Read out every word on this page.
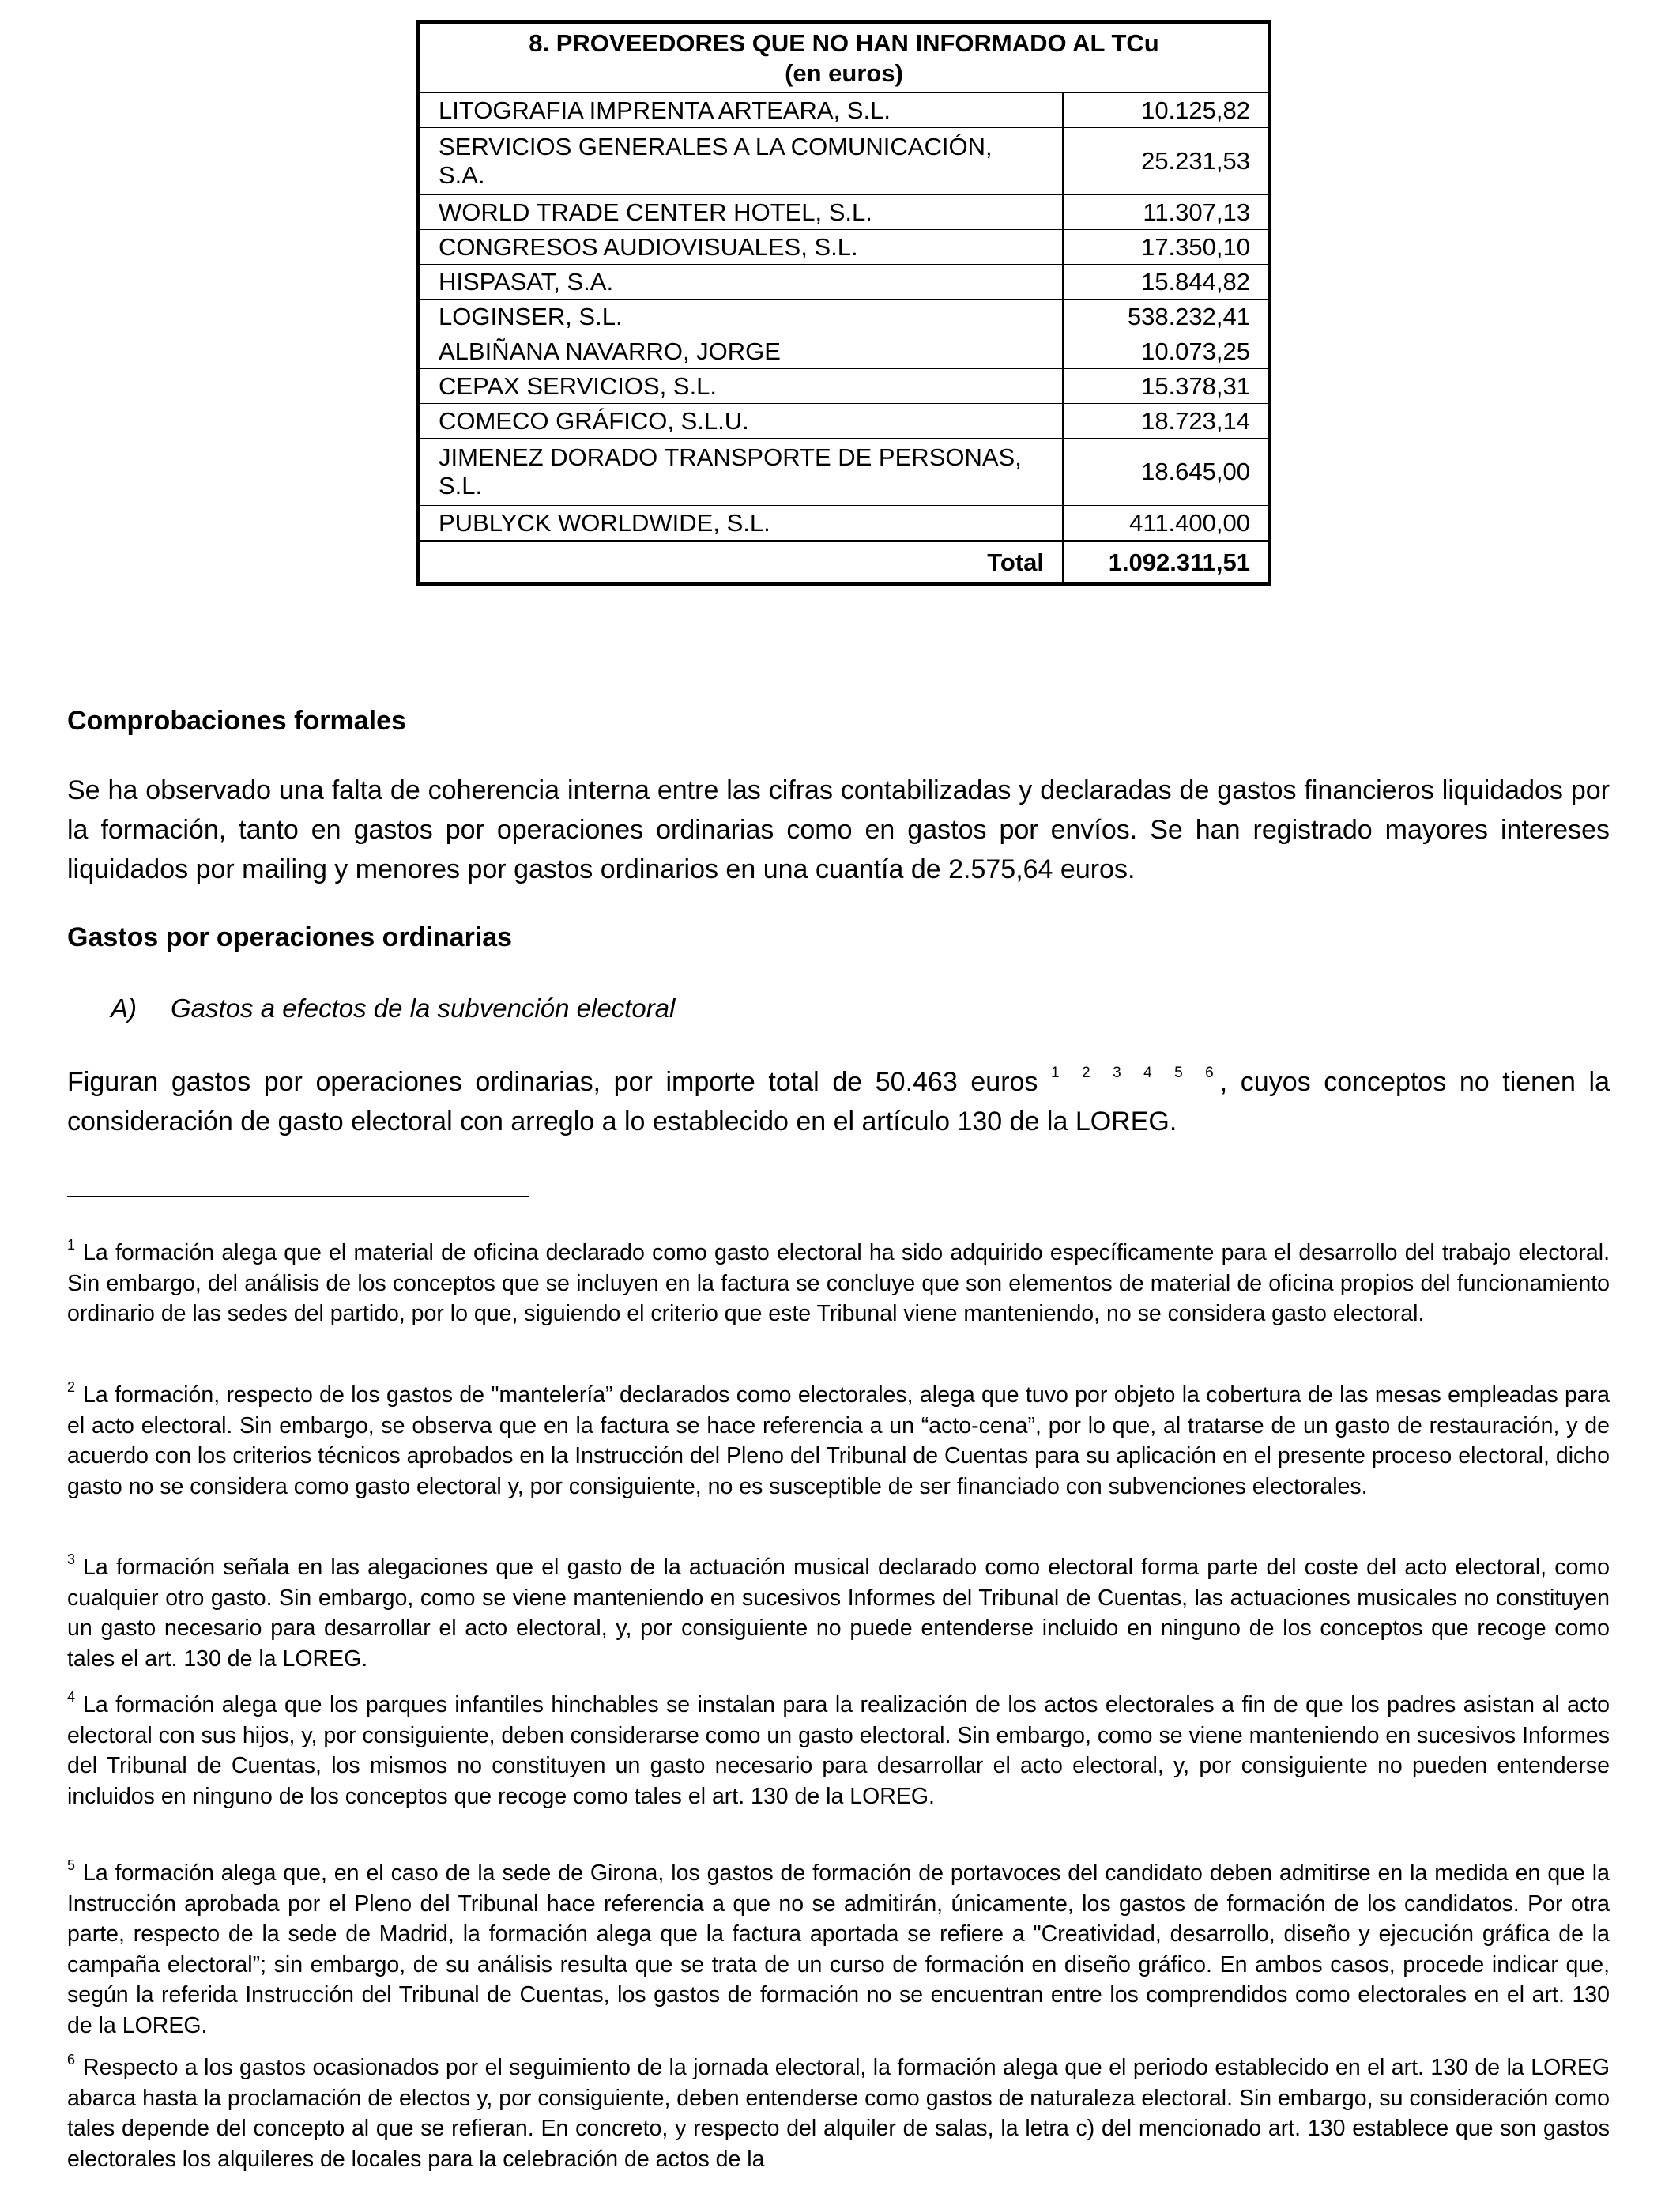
8. PROVEEDORES QUE NO HAN INFORMADO AL TCu
(en euros)	
LITOGRAFIA IMPRENTA ARTEARA, S.L.	10.125,82
SERVICIOS GENERALES A LA COMUNICACIÓN, S.A.	25.231,53
WORLD TRADE CENTER HOTEL, S.L.	11.307,13
CONGRESOS AUDIOVISUALES, S.L.	17.350,10
HISPASAT, S.A.	15.844,82
LOGINSER, S.L.	538.232,41
ALBIÑANA NAVARRO, JORGE	10.073,25
CEPAX SERVICIOS, S.L.	15.378,31
COMECO GRÁFICO, S.L.U.	18.723,14
JIMENEZ DORADO TRANSPORTE DE PERSONAS, S.L.	18.645,00
PUBLYCK WORLDWIDE, S.L.	411.400,00
Total	1.092.311,51
Comprobaciones formales

Se ha observado una falta de coherencia interna entre las cifras contabilizadas y declaradas de gastos financieros liquidados por la formación, tanto en gastos por operaciones ordinarias como en gastos por envíos. Se han registrado mayores intereses liquidados por mailing y menores por gastos ordinarios en una cuantía de 2.575,64 euros.

Gastos por operaciones ordinarias

A) Gastos a efectos de la subvención electoral

Figuran gastos por operaciones ordinarias, por importe total de 50.463 euros $^{1 2 3 4 5 6}$, cuyos conceptos no tienen la consideración de gasto electoral con arreglo a lo establecido en el artículo 130 de la LOREG.

$^1$ La formación alega que el material de oficina declarado como gasto electoral ha sido adquirido específicamente para el desarrollo del trabajo electoral. Sin embargo, del análisis de los conceptos que se incluyen en la factura se concluye que son elementos de material de oficina propios del funcionamiento ordinario de las sedes del partido, por lo que, siguiendo el criterio que este Tribunal viene manteniendo, no se considera gasto electoral.

$^2$ La formación, respecto de los gastos de "mantelería” declarados como electorales, alega que tuvo por objeto la cobertura de las mesas empleadas para el acto electoral. Sin embargo, se observa que en la factura se hace referencia a un “acto-cena”, por lo que, al tratarse de un gasto de restauración, y de acuerdo con los criterios técnicos aprobados en la Instrucción del Pleno del Tribunal de Cuentas para su aplicación en el presente proceso electoral, dicho gasto no se considera como gasto electoral y, por consiguiente, no es susceptible de ser financiado con subvenciones electorales.

$^3$ La formación señala en las alegaciones que el gasto de la actuación musical declarado como electoral forma parte del coste del acto electoral, como cualquier otro gasto. Sin embargo, como se viene manteniendo en sucesivos Informes del Tribunal de Cuentas, las actuaciones musicales no constituyen un gasto necesario para desarrollar el acto electoral, y, por consiguiente no puede entenderse incluido en ninguno de los conceptos que recoge como tales el art. 130 de la LOREG.

$^4$ La formación alega que los parques infantiles hinchables se instalan para la realización de los actos electorales a fin de que los padres asistan al acto electoral con sus hijos, y, por consiguiente, deben considerarse como un gasto electoral. Sin embargo, como se viene manteniendo en sucesivos Informes del Tribunal de Cuentas, los mismos no constituyen un gasto necesario para desarrollar el acto electoral, y, por consiguiente no pueden entenderse incluidos en ninguno de los conceptos que recoge como tales el art. 130 de la LOREG.

$^5$ La formación alega que, en el caso de la sede de Girona, los gastos de formación de portavoces del candidato deben admitirse en la medida en que la Instrucción aprobada por el Pleno del Tribunal hace referencia a que no se admitirán, únicamente, los gastos de formación de los candidatos. Por otra parte, respecto de la sede de Madrid, la formación alega que la factura aportada se refiere a "Creatividad, desarrollo, diseño y ejecución gráfica de la campaña electoral”; sin embargo, de su análisis resulta que se trata de un curso de formación en diseño gráfico. En ambos casos, procede indicar que, según la referida Instrucción del Tribunal de Cuentas, los gastos de formación no se encuentran entre los comprendidos como electorales en el art. 130 de la LOREG.

$^6$ Respecto a los gastos ocasionados por el seguimiento de la jornada electoral, la formación alega que el periodo establecido en el art. 130 de la LOREG abarca hasta la proclamación de electos y, por consiguiente, deben entenderse como gastos de naturaleza electoral. Sin embargo, su consideración como tales depende del concepto al que se refieran. En concreto, y respecto del alquiler de salas, la letra c) del mencionado art. 130 establece que son gastos electorales los alquileres de locales para la celebración de actos de la
